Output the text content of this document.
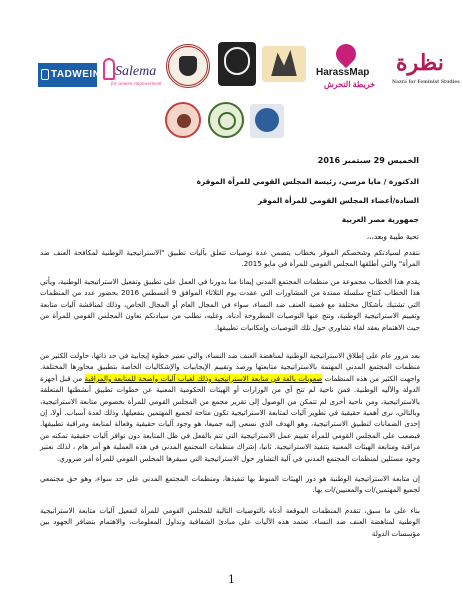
TADWEIN Salema
for women empowerment
HarassMap
خريطة التحرش
نظرة
Nazra for Feminist Studies
الخميس 29 سبتمبر 2016
الدكتورة / مايا مرسي، رئيسة المجلس القومي للمرأة الموقرة
السادة/أعضاء المجلس القومي للمرأة الموقر
جمهورية مصر العربية
تحية طيبة وبعد،،،
نتقدم لسيادتكم وشخصكم الموقر بخطاب يتضمن عدة توصيات تتعلق بآليات تطبيق "الاستراتيجية الوطنية لمكافحة العنف ضد المرأة" والتي أطلقها المجلس القومي للمرأة في مايو 2015.
يقدم هذا الخطاب مجموعة من منظمات المجتمع المدني إيمانا منا بدورنا في العمل على تطبيق وتفعيل الاستراتيجية الوطنية، ويأتي هذا الخطاب كنتاج سلسلة ممتدة من المشاورات التي عقدت يوم الثلاثاء الموافق 9 أغسطس 2016 بحضور عدد من المنظمات التي تشتبك بأشكال مختلفة مع قضية العنف ضد النساء، سواء في المجال العام أو المجال الخاص، وذلك لمناقشة آليات متابعة وتقييم الاستراتيجية الوطنية، ونتج عنها التوصيات المطروحة أدناه. وعليه، نطلب من سيادتكم تعاون المجلس القومي للمرأة من حيث الاهتمام بعقد لقاء تشاوري حول تلك التوصيات وإمكانيات تطبيقها.
بعد مرور عام على إطلاق الاستراتيجية الوطنية لمناهضة العنف ضد النساء، والتي تعتبر خطوة إيجابية في حد ذاتها، حاولت الكثير من منظمات المجتمع المدني المهتمة بالاستراتيجية متابعتها ورصد وتقييم الإيجابيات والإشكاليات الخاصة بتطبيق محاورها المختلفة. واجهت الكثير من هذه المنظمات صعوبات بالغة في متابعة الاستراتيجية وذلك لغياب آليات واضحة للمتابعة والمراقبة من قبل أجهزة الدولة والآليه الوطنية. فمن ناحية لم تتح أي من الوزارات أو الهيئات الحكومية المعنية عن خطوات تطبيق أنشطتها المتعلقة بالاستراتيجية، ومن ناحية أخرى لم تتمكن من الوصول إلى تقرير مجمع من المجلس القومي للمرأة بخصوص متابعة الاستراتيجية، وبالتالي، نرى أهمية حقيقية في تطوير آليات لمتابعة الاستراتيجية تكون متاحة لجميع المهتمين بتفعيلها، وذلك لعدة أسباب. أولا، إن إحدى الضمانات لتطبيق الاستراتيجية، وهو الهدف الذي نسعى إليه جميعا، هو وجود آليات حقيقية وفعالة لمتابعة ومراقبة تطبيقها. فيصعب على المجلس القومي للمرأة تقييم عمل الاستراتيجية التي تتم بالفعل في ظل المتابعة دون توافر آليات حقيقية تمكنه من مراقبة ومتابعة الهيئات المعنية بتنفيذ الاستراتيجية. ثانيا، إشراك منظمات المجتمع المدني في هذه العملية هو أمر هام ، لذلك نعتبر وجود مسئلين لمنظمات المجتمع المدني في آلية التشاور حول الاستراتيجية التي سيقرها المجلس القومي للمرأة أمر ضروري.
إن متابعة الاستراتيجية الوطنية هو دور الهيئات المنوط بها تنفيذها، ومنظمات المجتمع المدني على حد سواء، وهو حق مجتمعي لجميع المهتمين/ات والمعنيين/ات بها.
بناء على ما سبق، تتقدم المنظمات الموقعة أدناه بالتوصيات التالية للمجلس القومي للمرأة لتفعيل آليات متابعة الاستراتيجية الوطنية لمناهضة العنف ضد النساء. تعتمد هذه الآليات على مبادئ الشفافية وتداول المعلومات، والاهتمام بتضافر الجهود بين مؤسسات الدولة
1
